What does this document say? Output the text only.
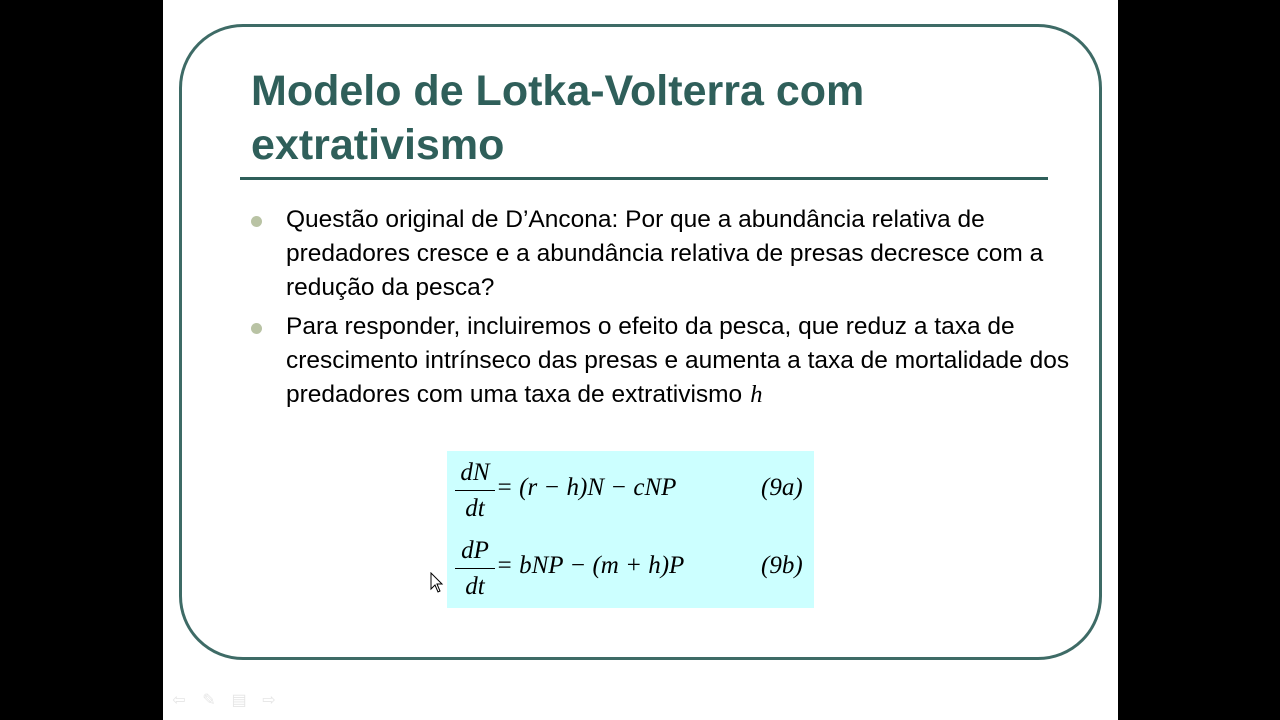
Modelo de Lotka-Volterra com
extrativismo
Questão original de D’Ancona: Por que a abundância relativa de predadores cresce e a abundância relativa de presas decresce com a redução da pesca?
Para responder, incluiremos o efeito da pesca, que reduz a taxa de crescimento intrínseco das presas e aumenta a taxa de mortalidade dos predadores com uma taxa de extrativismo h
$\frac{dN}{dt} = (r - h)N$ − cNP	(9a)
$\frac{dP}{dt}$ = bNP − (m + h)P	(9b)
⇦ ✎ ▤ ⇨
